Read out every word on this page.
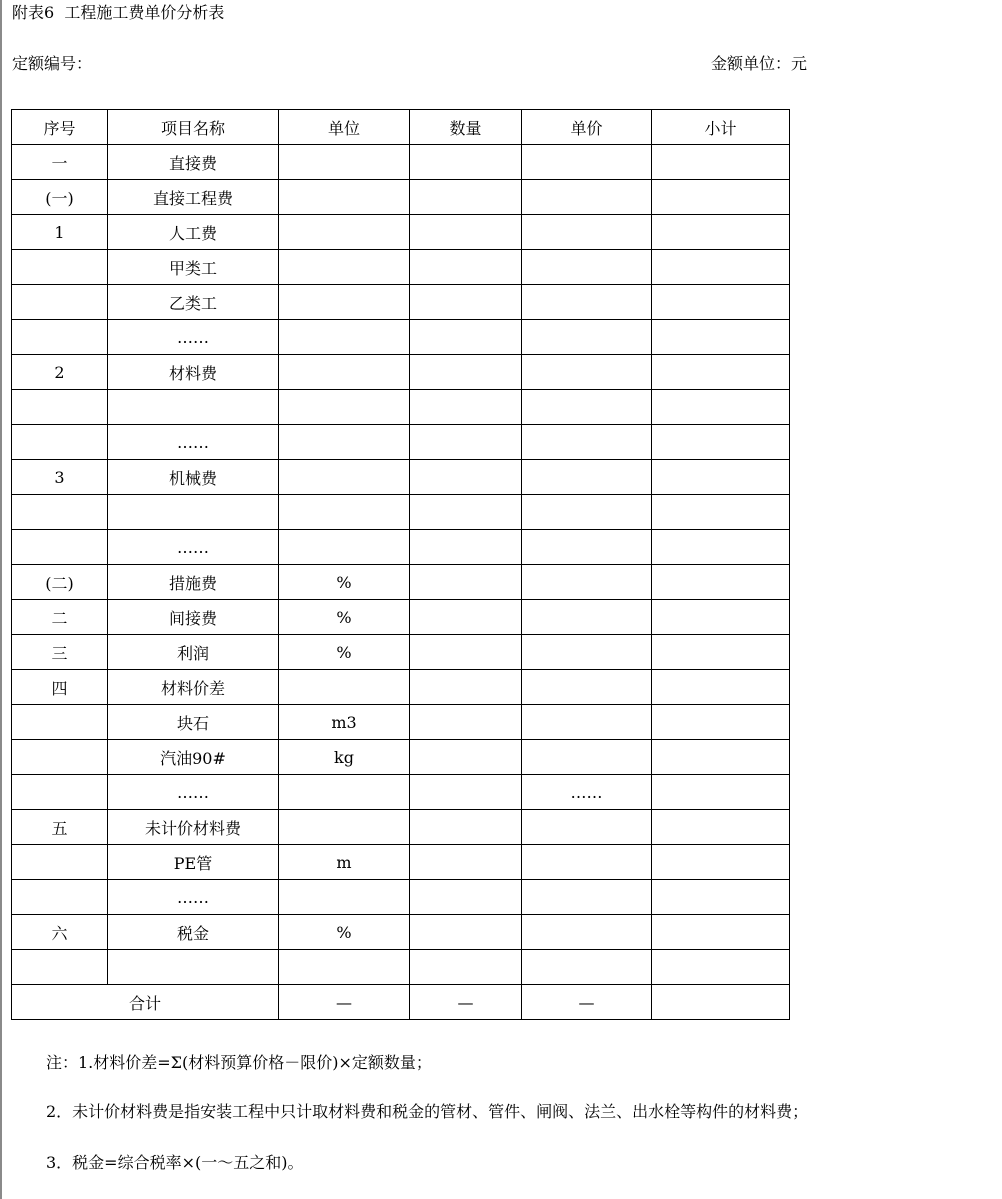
附表6  工程施工费单价分析表
定额编号：	金额单位：元
序号	项目名称	单位	数量	单价	小计
一	直接费				
(一)	直接工程费				
1	人工费				
	甲类工				
	乙类工				
	……				
2	材料费				

	……				
3	机械费				

	……				
(二)	措施费	%			
二	间接费	%			
三	利润	%			
四	材料价差				
	块石	m3			
	汽油90#	kg			
	……			……	
五	未计价材料费				
	PE管	m			
	……				
六	税金	%			

合计		—	—	—	
注：1.材料价差=Σ(材料预算价格－限价)×定额数量；
2．未计价材料费是指安装工程中只计取材料费和税金的管材、管件、闸阀、法兰、出水栓等构件的材料费；
3．税金=综合税率×(一～五之和)。
